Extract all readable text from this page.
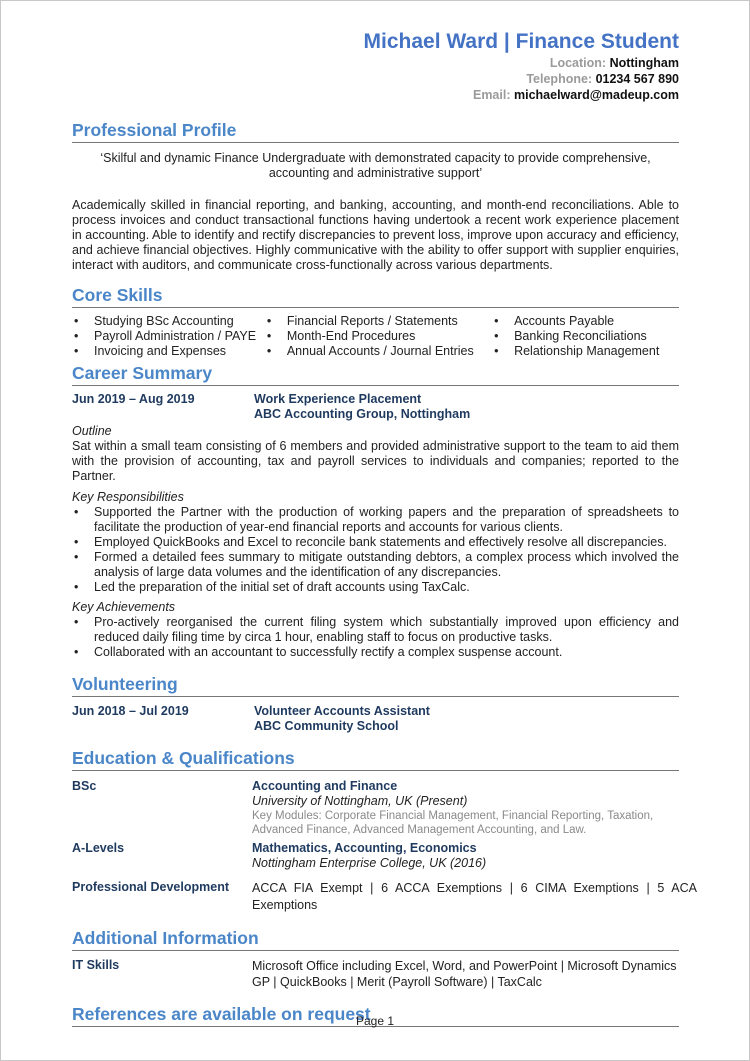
Michael Ward | Finance Student
Location: Nottingham
Telephone: 01234 567 890
Email: michaelward@madeup.com
Professional Profile
‘Skilful and dynamic Finance Undergraduate with demonstrated capacity to provide comprehensive,
accounting and administrative support’
Academically skilled in financial reporting, and banking, accounting, and month-end reconciliations. Able to process invoices and conduct transactional functions having undertook a recent work experience placement in accounting. Able to identify and rectify discrepancies to prevent loss, improve upon accuracy and efficiency, and achieve financial objectives. Highly communicative with the ability to offer support with supplier enquiries, interact with auditors, and communicate cross-functionally across various departments.
Core Skills
• Studying BSc Accounting
• Payroll Administration / PAYE
• Invoicing and Expenses
• Financial Reports / Statements
• Month-End Procedures
• Annual Accounts / Journal Entries
• Accounts Payable
• Banking Reconciliations
• Relationship Management
Career Summary
Jun 2019 – Aug 2019	Work Experience Placement
ABC Accounting Group, Nottingham
Outline
Sat within a small team consisting of 6 members and provided administrative support to the team to aid them with the provision of accounting, tax and payroll services to individuals and companies; reported to the Partner.
Key Responsibilities
• Supported the Partner with the production of working papers and the preparation of spreadsheets to facilitate the production of year-end financial reports and accounts for various clients.
• Employed QuickBooks and Excel to reconcile bank statements and effectively resolve all discrepancies.
• Formed a detailed fees summary to mitigate outstanding debtors, a complex process which involved the analysis of large data volumes and the identification of any discrepancies.
• Led the preparation of the initial set of draft accounts using TaxCalc.
Key Achievements
• Pro-actively reorganised the current filing system which substantially improved upon efficiency and reduced daily filing time by circa 1 hour, enabling staff to focus on productive tasks.
• Collaborated with an accountant to successfully rectify a complex suspense account.
Volunteering
Jun 2018 – Jul 2019	Volunteer Accounts Assistant
ABC Community School
Education & Qualifications
BSc	Accounting and Finance
University of Nottingham, UK (Present)
Key Modules: Corporate Financial Management, Financial Reporting, Taxation, Advanced Finance, Advanced Management Accounting, and Law.
A-Levels	Mathematics, Accounting, Economics
Nottingham Enterprise College, UK (2016)
Professional Development	ACCA FIA Exempt | 6 ACCA Exemptions | 6 CIMA Exemptions | 5 ACA Exemptions
Additional Information
IT Skills	Microsoft Office including Excel, Word, and PowerPoint | Microsoft Dynamics GP | QuickBooks | Merit (Payroll Software) | TaxCalc
References are available on request
Page 1
